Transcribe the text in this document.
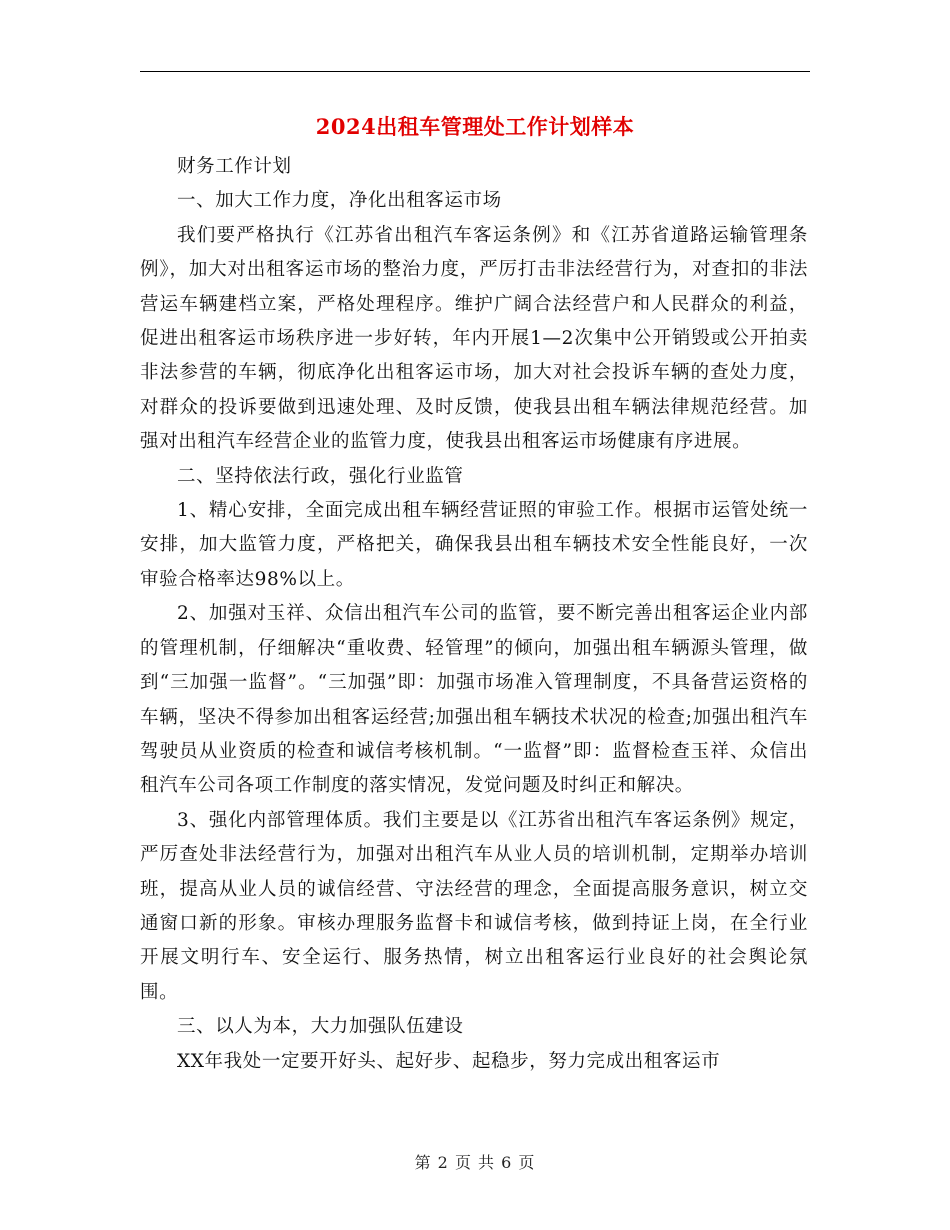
2024出租车管理处工作计划样本

财务工作计划

一、加大工作力度，净化出租客运市场

我们要严格执行《江苏省出租汽车客运条例》和《江苏省道路运输管理条例》，加大对出租客运市场的整治力度，严厉打击非法经营行为，对查扣的非法营运车辆建档立案，严格处理程序。维护广阔合法经营户和人民群众的利益，促进出租客运市场秩序进一步好转，年内开展1—2次集中公开销毁或公开拍卖非法参营的车辆，彻底净化出租客运市场，加大对社会投诉车辆的查处力度，对群众的投诉要做到迅速处理、及时反馈，使我县出租车辆法律规范经营。加强对出租汽车经营企业的监管力度，使我县出租客运市场健康有序进展。

二、坚持依法行政，强化行业监管

1、精心安排，全面完成出租车辆经营证照的审验工作。根据市运管处统一安排，加大监管力度，严格把关，确保我县出租车辆技术安全性能良好，一次审验合格率达98%以上。

2、加强对玉祥、众信出租汽车公司的监管，要不断完善出租客运企业内部的管理机制，仔细解决“重收费、轻管理”的倾向，加强出租车辆源头管理，做到“三加强一监督”。“三加强”即：加强市场准入管理制度，不具备营运资格的车辆，坚决不得参加出租客运经营;加强出租车辆技术状况的检查;加强出租汽车驾驶员从业资质的检查和诚信考核机制。“一监督”即：监督检查玉祥、众信出租汽车公司各项工作制度的落实情况，发觉问题及时纠正和解决。

3、强化内部管理体质。我们主要是以《江苏省出租汽车客运条例》规定，严厉查处非法经营行为，加强对出租汽车从业人员的培训机制，定期举办培训班，提高从业人员的诚信经营、守法经营的理念，全面提高服务意识，树立交通窗口新的形象。审核办理服务监督卡和诚信考核，做到持证上岗，在全行业开展文明行车、安全运行、服务热情，树立出租客运行业良好的社会舆论氛围。

三、以人为本，大力加强队伍建设

XX年我处一定要开好头、起好步、起稳步，努力完成出租客运市

第 2 页 共 6 页
